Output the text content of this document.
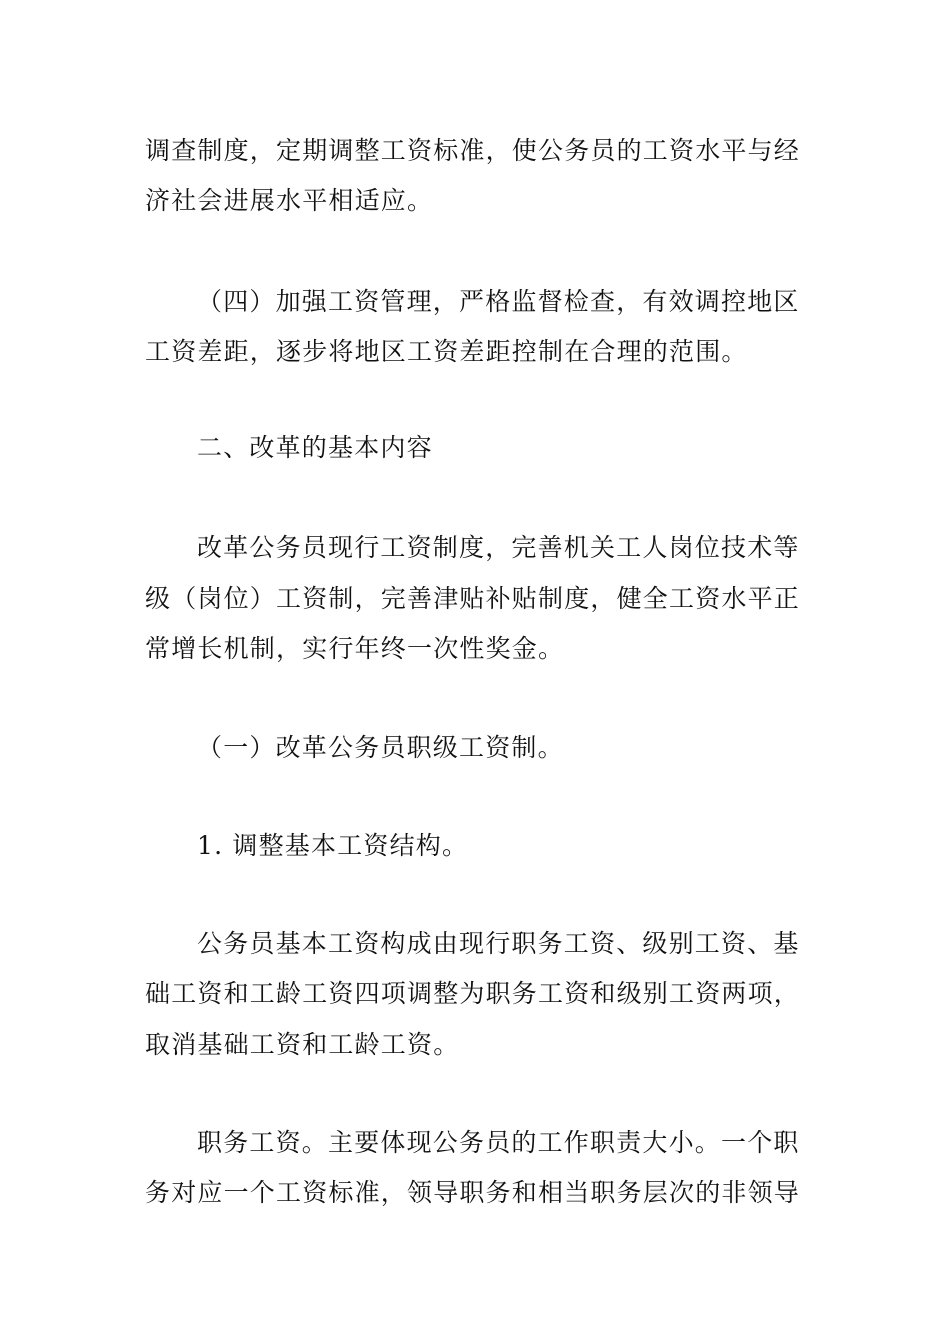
调查制度，定期调整工资标准，使公务员的工资水平与经
济社会进展水平相适应。
（四）加强工资管理，严格监督检查，有效调控地区
工资差距，逐步将地区工资差距控制在合理的范围。
二、改革的基本内容
改革公务员现行工资制度，完善机关工人岗位技术等
级（岗位）工资制，完善津贴补贴制度，健全工资水平正
常增长机制，实行年终一次性奖金。
（一）改革公务员职级工资制。
1. 调整基本工资结构。
公务员基本工资构成由现行职务工资、级别工资、基
础工资和工龄工资四项调整为职务工资和级别工资两项，
取消基础工资和工龄工资。
职务工资。主要体现公务员的工作职责大小。一个职
务对应一个工资标准，领导职务和相当职务层次的非领导
